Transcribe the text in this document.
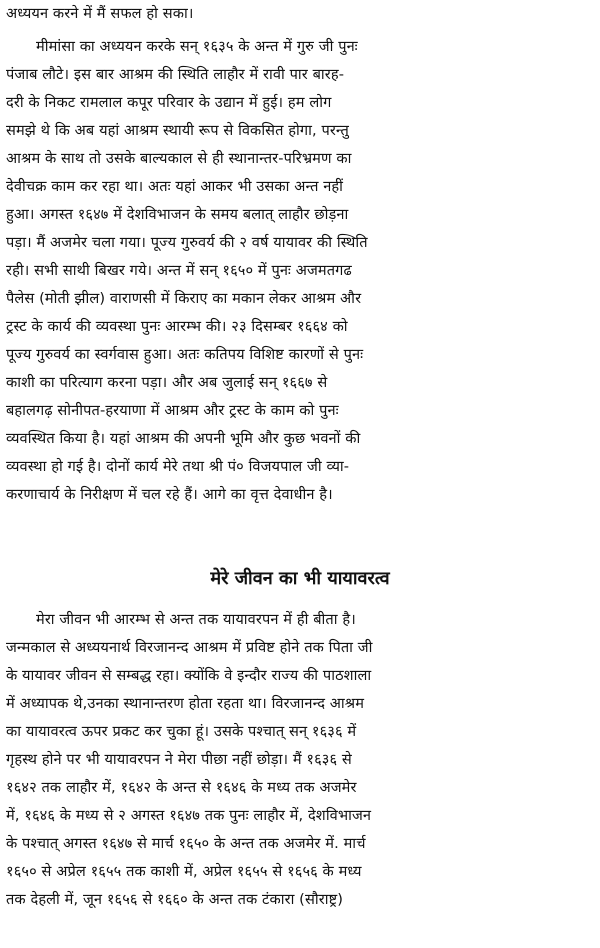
अध्ययन करने में मैं सफल हो सका।
मीमांसा का अध्ययन करके सन् १६३५ के अन्त में गुरु जी पुनः
पंजाब लौटे। इस बार आश्रम की स्थिति लाहौर में रावी पार बारह-
दरी के निकट रामलाल कपूर परिवार के उद्यान में हुई। हम लोग
समझे थे कि अब यहां आश्रम स्थायी रूप से विकसित होगा, परन्तु
आश्रम के साथ तो उसके बाल्यकाल से ही स्थानान्तर-परिभ्रमण का
देवीचक्र काम कर रहा था। अतः यहां आकर भी उसका अन्त नहीं
हुआ। अगस्त १६४७ में देशविभाजन के समय बलात् लाहौर छोड़ना
पड़ा। मैं अजमेर चला गया। पूज्य गुरुवर्य की २ वर्ष यायावर की स्थिति
रही। सभी साथी बिखर गये। अन्त में सन् १६५० में पुनः अजमतगढ
पैलेस (मोती झील) वाराणसी में किराए का मकान लेकर आश्रम और
ट्रस्ट के कार्य की व्यवस्था पुनः आरम्भ की। २३ दिसम्बर १६६४ को
पूज्य गुरुवर्य का स्वर्गवास हुआ। अतः कतिपय विशिष्ट कारणों से पुनः
काशी का परित्याग करना पड़ा। और अब जुलाई सन् १६६७ से
बहालगढ़ सोनीपत-हरयाणा में आश्रम और ट्रस्ट के काम को पुनः
व्यवस्थित किया है। यहां आश्रम की अपनी भूमि और कुछ भवनों की
व्यवस्था हो गई है। दोनों कार्य मेरे तथा श्री पं० विजयपाल जी व्या-
करणाचार्य के निरीक्षण में चल रहे हैं। आगे का वृत्त देवाधीन है।
मेरे जीवन का भी यायावरत्व
मेरा जीवन भी आरम्भ से अन्त तक यायावरपन में ही बीता है।
जन्मकाल से अध्ययनार्थ विरजानन्द आश्रम में प्रविष्ट होने तक पिता जी
के यायावर जीवन से सम्बद्ध रहा। क्योंकि वे इन्दौर राज्य की पाठशाला
में अध्यापक थे,उनका स्थानान्तरण होता रहता था। विरजानन्द आश्रम
का यायावरत्व ऊपर प्रकट कर चुका हूं। उसके पश्चात् सन् १६३६ में
गृहस्थ होने पर भी यायावरपन ने मेरा पीछा नहीं छोड़ा। मैं १६३६ से
१६४२ तक लाहौर में, १६४२ के अन्त से १६४६ के मध्य तक अजमेर
में, १६४६ के मध्य से २ अगस्त १६४७ तक पुनः लाहौर में, देशविभाजन
के पश्चात् अगस्त १६४७ से मार्च १६५० के अन्त तक अजमेर में. मार्च
१६५० से अप्रेल १६५५ तक काशी में, अप्रेल १६५५ से १६५६ के मध्य
तक देहली में, जून १६५६ से १६६० के अन्त तक टंकारा (सौराष्ट्र)
